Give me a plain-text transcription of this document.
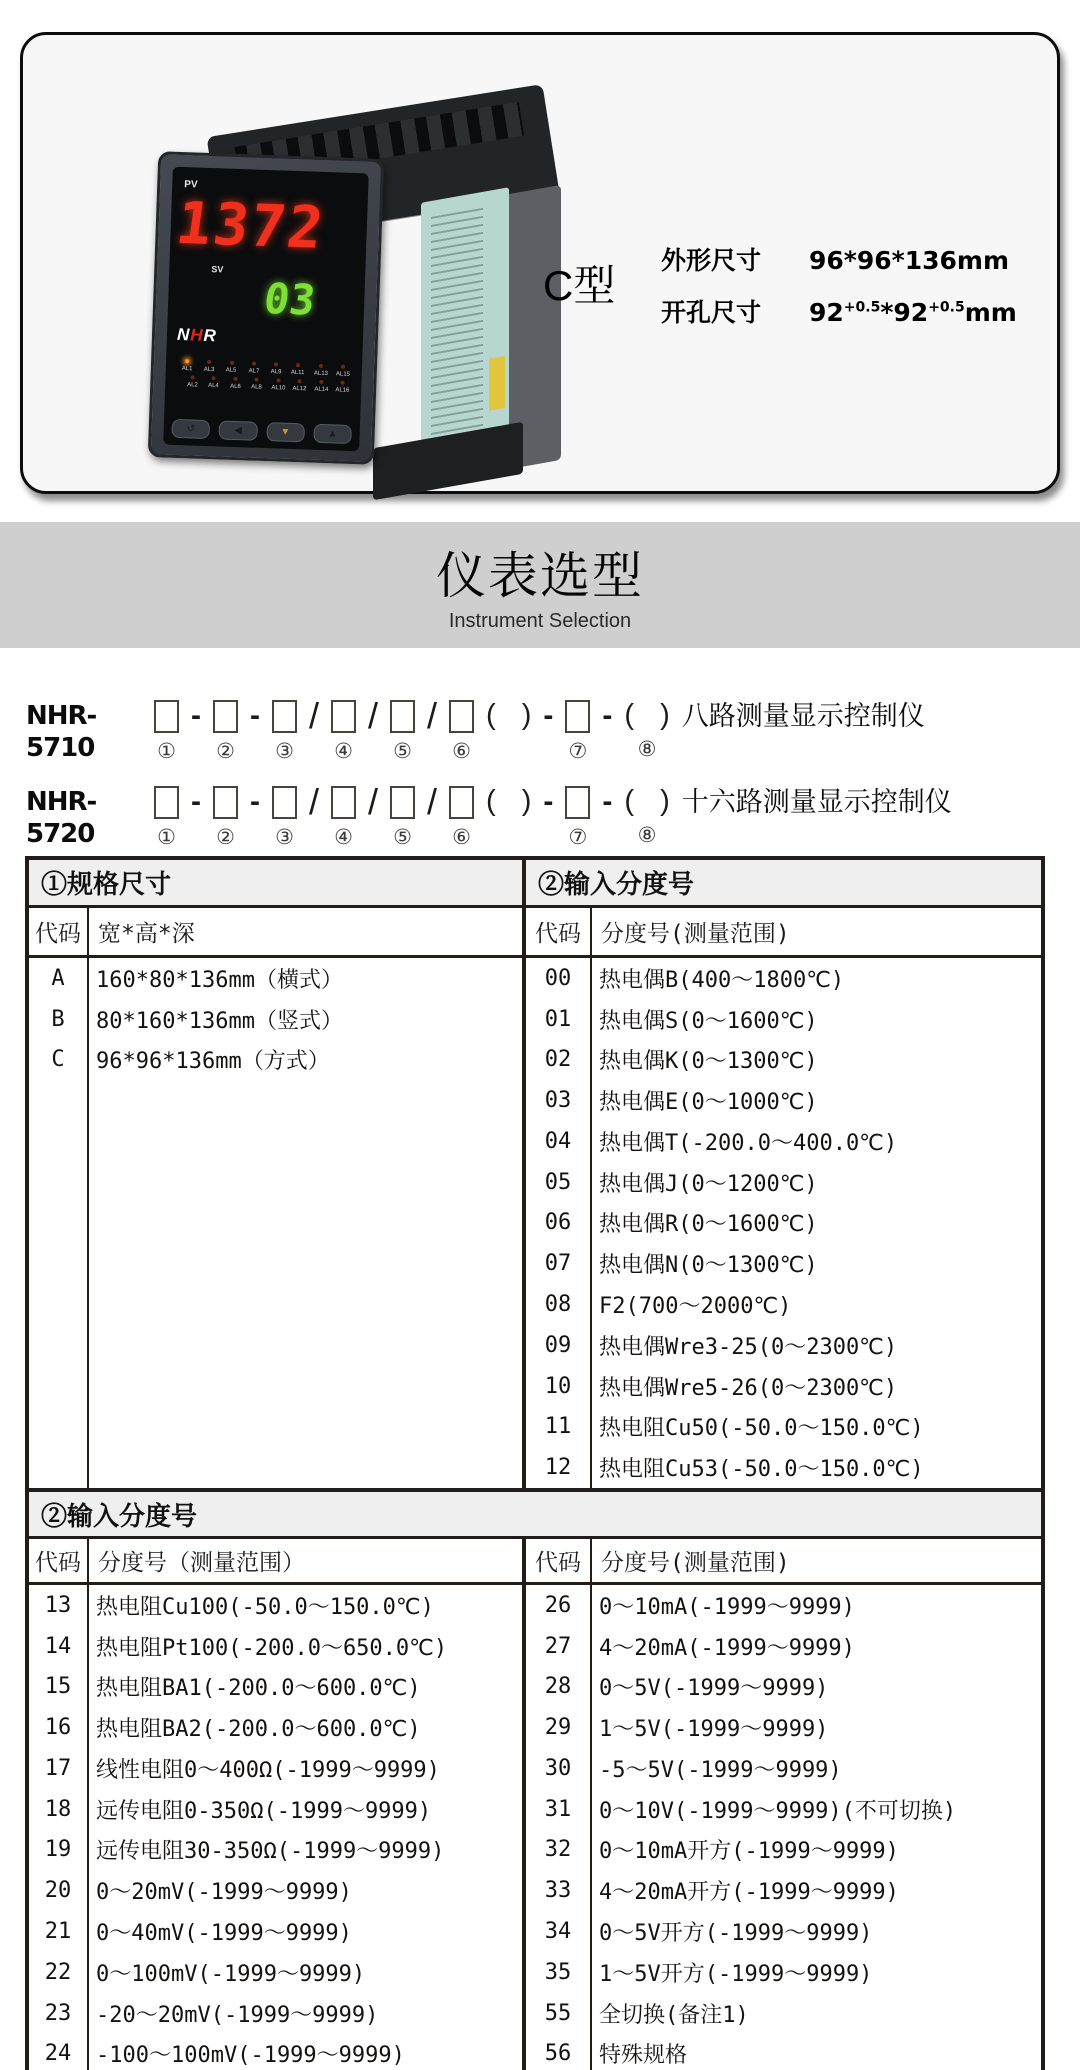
PV
1372
SV
03
NHR
AL1 AL3 AL5 AL7 AL9 AL11 AL13 AL15
AL2 AL4 AL6 AL8 AL10 AL12 AL14 AL16
↺	◀	▼	▲
C型
外形尺寸	96*96*136mm
开孔尺寸	$92^{+0.5}*92^{+0.5}mm$
仪表选型
Instrument Selection
NHR-5710	①
-
②
-
③
/
④
/
⑤
/
⑥
( ) -
⑦
- ( )
⑧
八路测量显示控制仪
NHR-5720	①
-
②
-
③
/
④
/
⑤
/
⑥
( ) -
⑦
- ( )
⑧
十六路测量显示控制仪
①规格尺寸
代码 宽*高*深
A	160*80*136mm（横式）
B	80*160*136mm（竖式）
C	96*96*136mm（方式）
②输入分度号
代码 分度号(测量范围)
00	热电偶B(400～1800℃)
01	热电偶S(0～1600℃)
02	热电偶K(0～1300℃)
03	热电偶E(0～1000℃)
04	热电偶T(-200.0～400.0℃)
05	热电偶J(0～1200℃)
06	热电偶R(0～1600℃)
07	热电偶N(0～1300℃)
08	F2(700～2000℃)
09	热电偶Wre3-25(0～2300℃)
10	热电偶Wre5-26(0～2300℃)
11	热电阻Cu50(-50.0～150.0℃)
12	热电阻Cu53(-50.0～150.0℃)
②输入分度号
代码 分度号（测量范围）
13	热电阻Cu100(-50.0～150.0℃)
14	热电阻Pt100(-200.0～650.0℃)
15	热电阻BA1(-200.0～600.0℃)
16	热电阻BA2(-200.0～600.0℃)
17	线性电阻0～400Ω(-1999～9999)
18	远传电阻0-350Ω(-1999～9999)
19	远传电阻30-350Ω(-1999～9999)
20	0～20mV(-1999～9999)
21	0～40mV(-1999～9999)
22	0～100mV(-1999～9999)
23	-20～20mV(-1999～9999)
24	-100～100mV(-1999～9999)
代码 分度号(测量范围)
26	0～10mA(-1999～9999)
27	4～20mA(-1999～9999)
28	0～5V(-1999～9999)
29	1～5V(-1999～9999)
30	-5～5V(-1999～9999)
31	0～10V(-1999～9999)(不可切换)
32	0～10mA开方(-1999～9999)
33	4～20mA开方(-1999～9999)
34	0～5V开方(-1999～9999)
35	1～5V开方(-1999～9999)
55	全切换(备注1)
56	特殊规格
